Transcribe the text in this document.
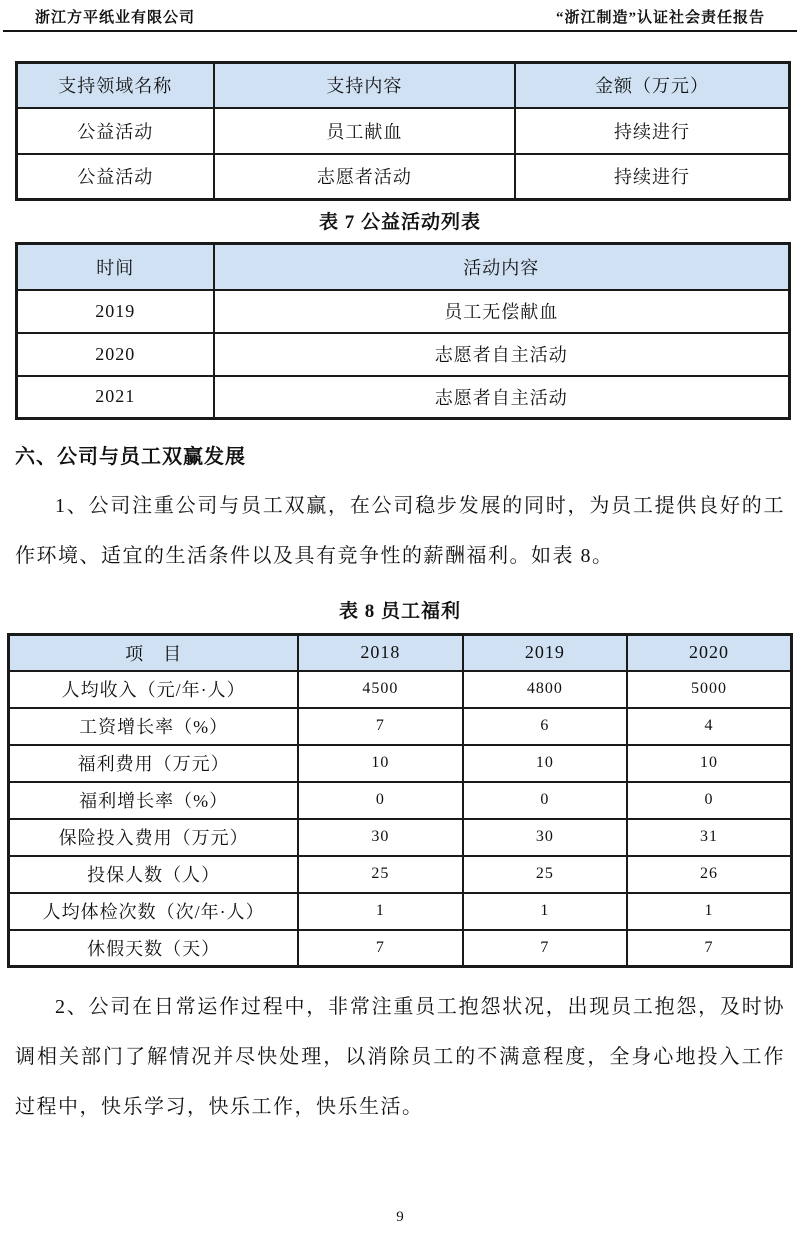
浙江方平纸业有限公司	“浙江制造”认证社会责任报告
支持领域名称	支持内容	金额（万元）
公益活动	员工献血	持续进行
公益活动	志愿者活动	持续进行
表 7 公益活动列表
时间	活动内容
2019	员工无偿献血
2020	志愿者自主活动
2021	志愿者自主活动
六、公司与员工双赢发展

1、公司注重公司与员工双赢，在公司稳步发展的同时，为员工提供良好的工作环境、适宜的生活条件以及具有竞争性的薪酬福利。如表 8。

表 8 员工福利
项　目	2018	2019	2020
人均收入（元/年·人）	4500	4800	5000
工资增长率（%）	7	6	4
福利费用（万元）	10	10	10
福利增长率（%）	0	0	0
保险投入费用（万元）	30	30	31
投保人数（人）	25	25	26
人均体检次数（次/年·人）	1	1	1
休假天数（天）	7	7	7

2、公司在日常运作过程中，非常注重员工抱怨状况，出现员工抱怨，及时协调相关部门了解情况并尽快处理，以消除员工的不满意程度，全身心地投入工作过程中，快乐学习，快乐工作，快乐生活。

9
